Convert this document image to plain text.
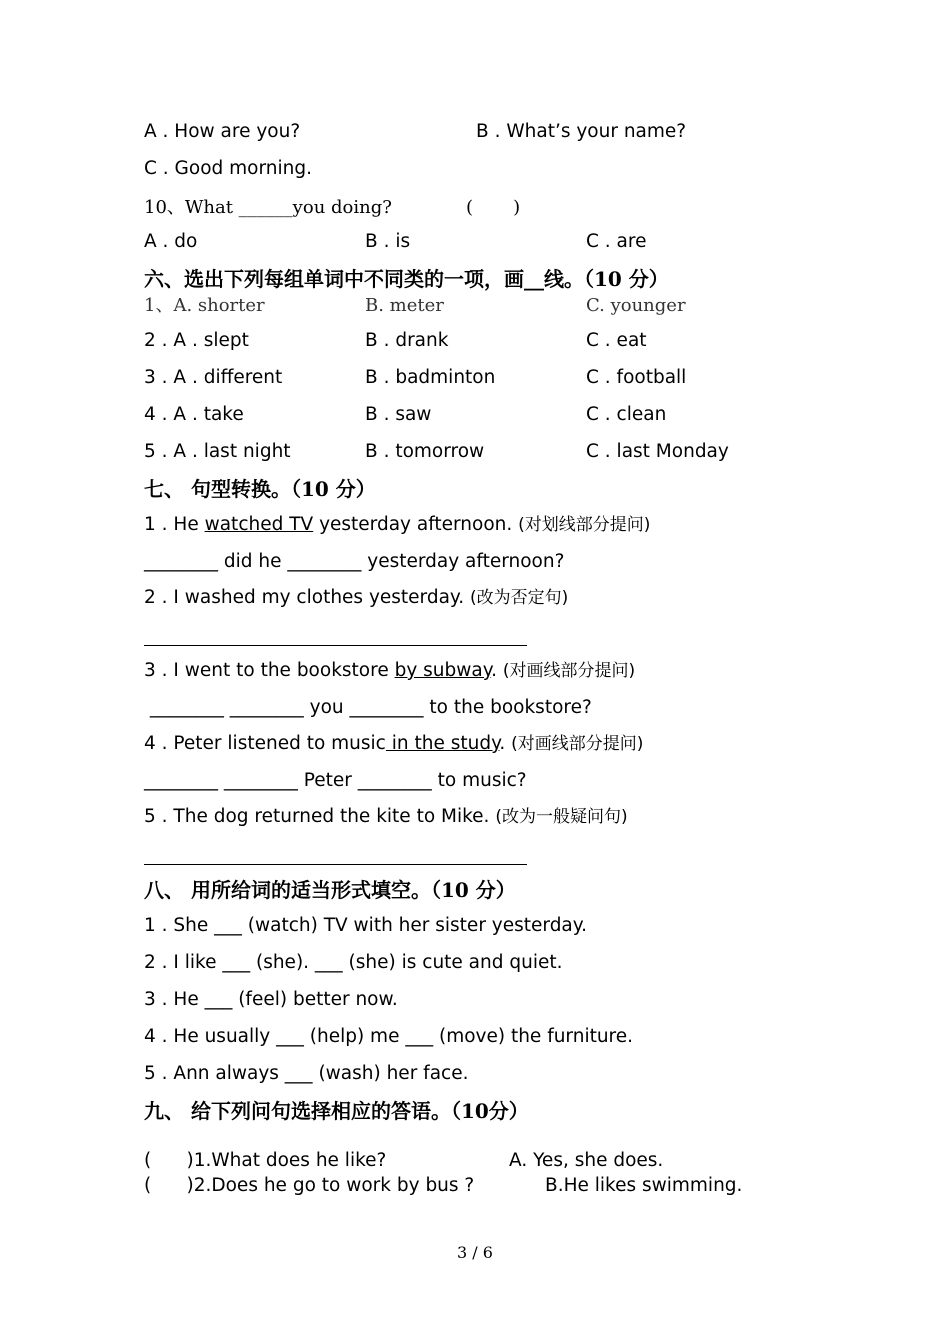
A . How are you?	B . What’s your name?
C . Good morning.
10、What ______you doing?	(       )
A . do	B . is	C . are
六、选出下列每组单词中不同类的一项，画__线。（10 分）
1、A. shorter	B. meter	C. younger
2 . A . slept	B . drank	C . eat
3 . A . different	B . badminton	C . football
4 . A . take	B . saw	C . clean
5 . A . last night	B . tomorrow	C . last Monday
七、 句型转换。（10 分）
1 . He watched TV yesterday afternoon. (对划线部分提问)
________ did he ________ yesterday afternoon?
2 . I washed my clothes yesterday. (改为否定句)
3 . I went to the bookstore by subway. (对画线部分提问)
________ ________ you ________ to the bookstore?
4 . Peter listened to music in the study. (对画线部分提问)
________ ________ Peter ________ to music?
5 . The dog returned the kite to Mike. (改为一般疑问句)
八、 用所给词的适当形式填空。（10 分）
1 . She ___ (watch) TV with her sister yesterday.
2 . I like ___ (she). ___ (she) is cute and quiet.
3 . He ___ (feel) better now.
4 . He usually ___ (help) me ___ (move) the furniture.
5 . Ann always ___ (wash) her face.
九、 给下列问句选择相应的答语。（10分）
(      )1.What does he like?	A. Yes, she does.
(      )2.Does he go to work by bus ?	B.He likes swimming.
3 / 6
